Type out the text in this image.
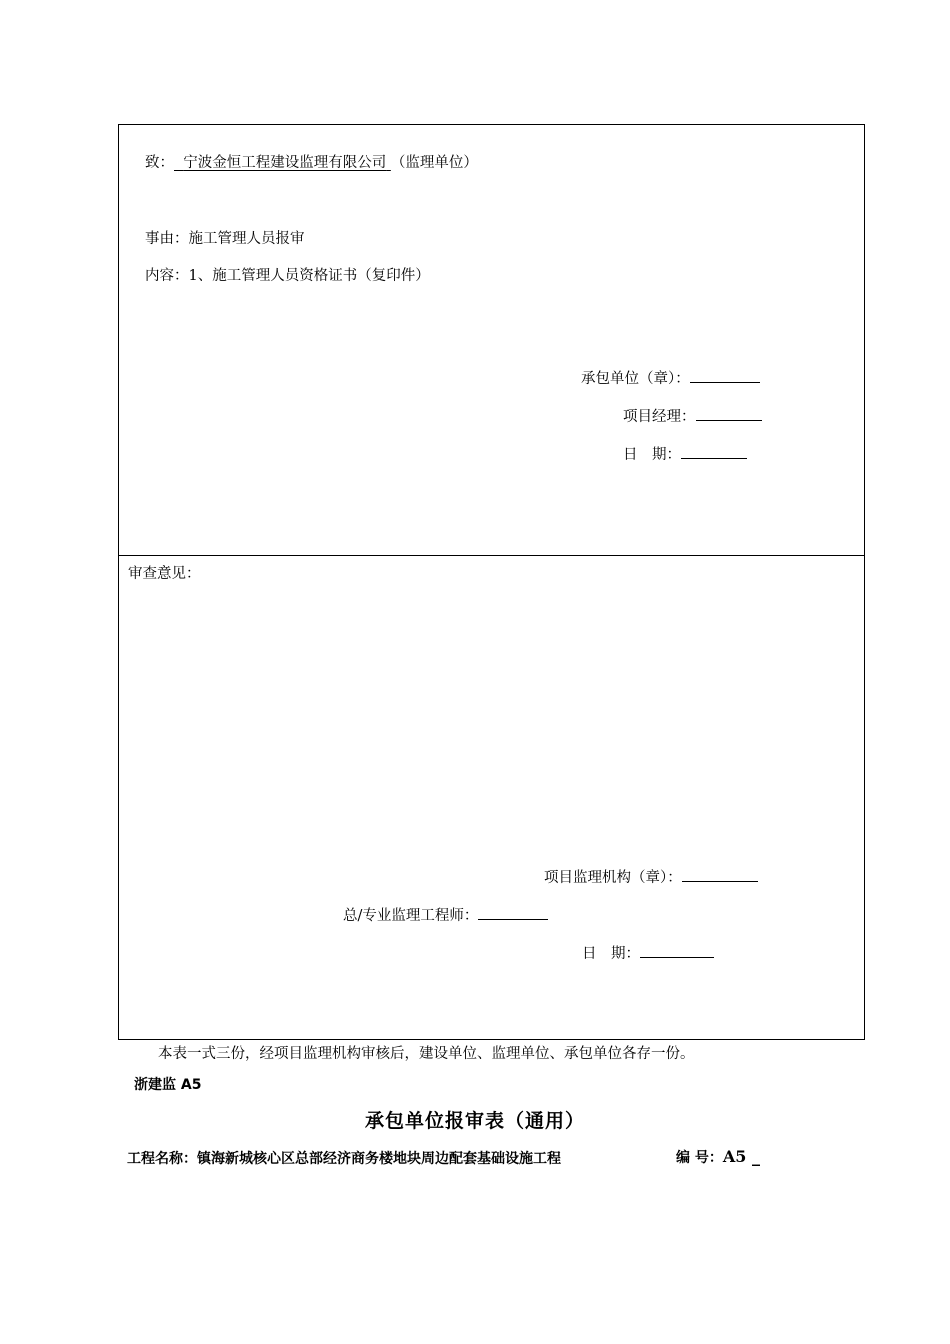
致： 宁波金恒工程建设监理有限公司 （监理单位）
事由：施工管理人员报审
内容：1、施工管理人员资格证书（复印件）
承包单位（章）：
项目经理：
日　期：
审查意见：
项目监理机构（章）：
总/专业监理工程师：
日　期：
本表一式三份，经项目监理机构审核后，建设单位、监理单位、承包单位各存一份。
浙建监 A5
承包单位报审表（通用）
工程名称：镇海新城核心区总部经济商务楼地块周边配套基础设施工程	编 号：A5 _
